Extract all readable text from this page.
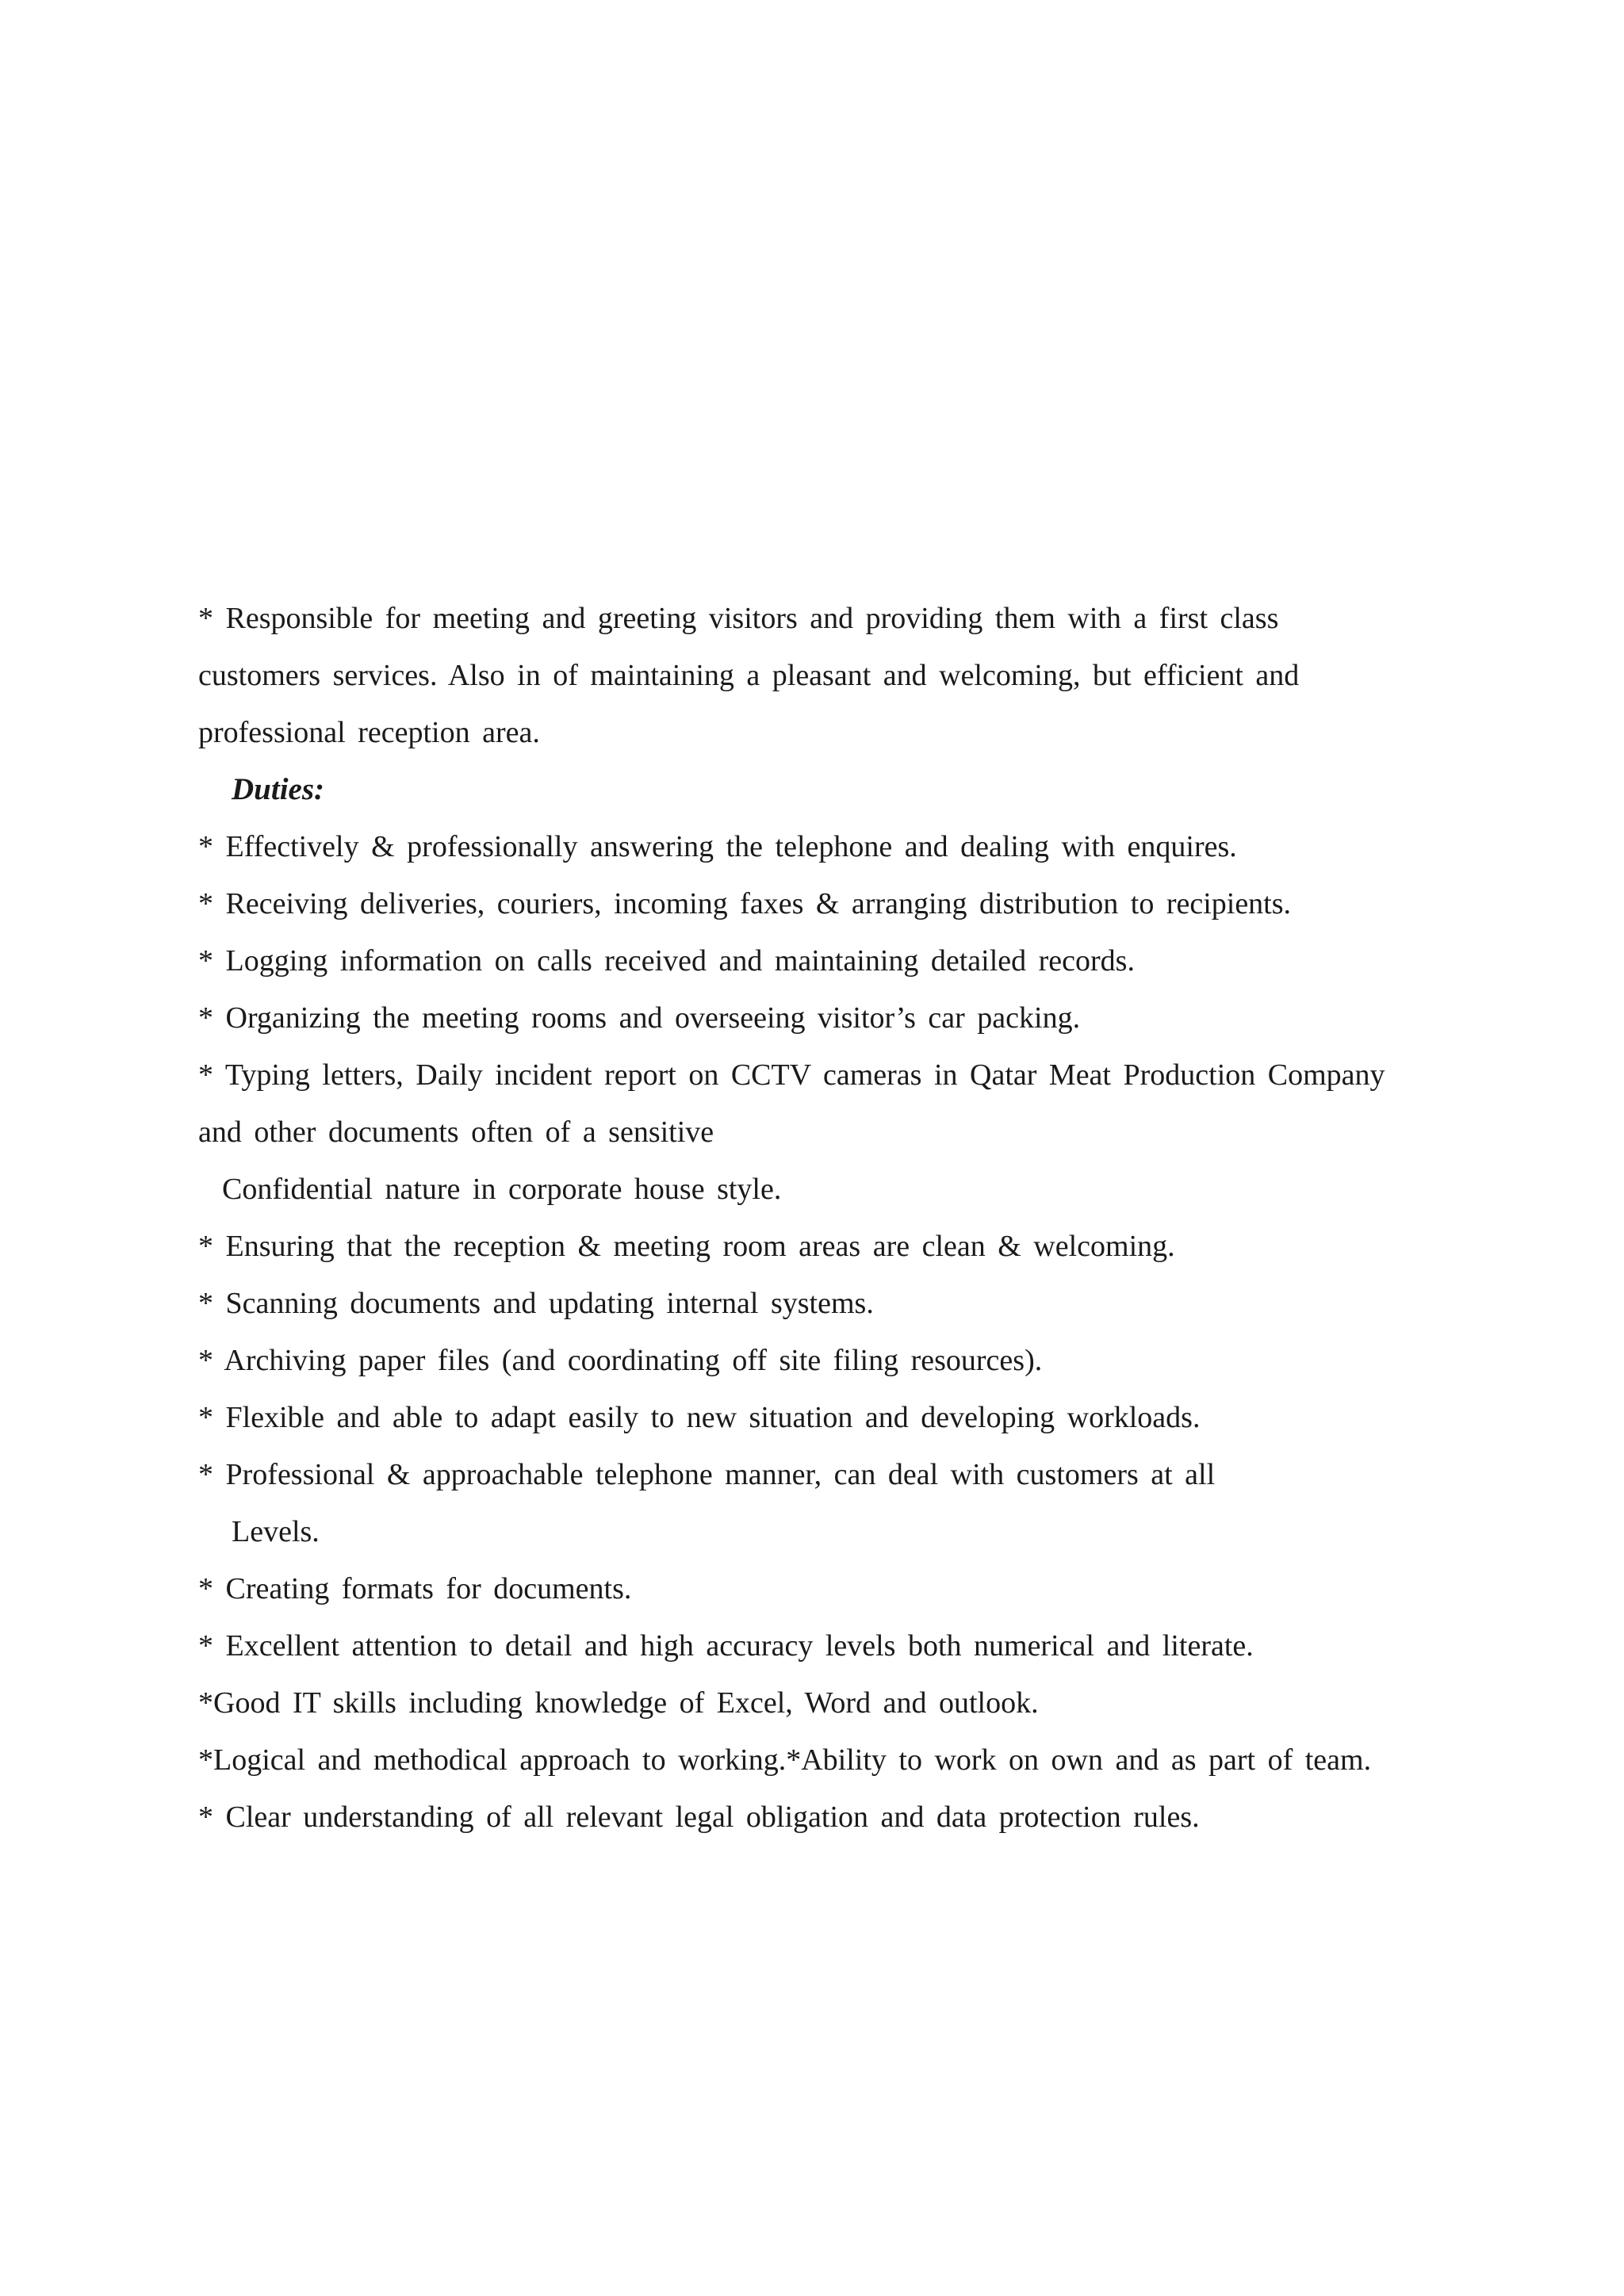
* Responsible for meeting and greeting visitors and providing them with a first class
customers services. Also in of maintaining a pleasant and welcoming, but efficient and
professional reception area.
Duties:
* Effectively & professionally answering the telephone and dealing with enquires.
* Receiving deliveries, couriers, incoming faxes & arranging distribution to recipients.
* Logging information on calls received and maintaining detailed records.
* Organizing the meeting rooms and overseeing visitor’s car packing.
* Typing letters, Daily incident report on CCTV cameras in Qatar Meat Production Company
and other documents often of a sensitive
Confidential nature in corporate house style.
* Ensuring that the reception & meeting room areas are clean & welcoming.
* Scanning documents and updating internal systems.
* Archiving paper files (and coordinating off site filing resources).
* Flexible and able to adapt easily to new situation and developing workloads.
* Professional & approachable telephone manner, can deal with customers at all
Levels.
* Creating formats for documents.
* Excellent attention to detail and high accuracy levels both numerical and literate.
*Good IT skills including knowledge of Excel, Word and outlook.
*Logical and methodical approach to working.*Ability to work on own and as part of team.
* Clear understanding of all relevant legal obligation and data protection rules.
